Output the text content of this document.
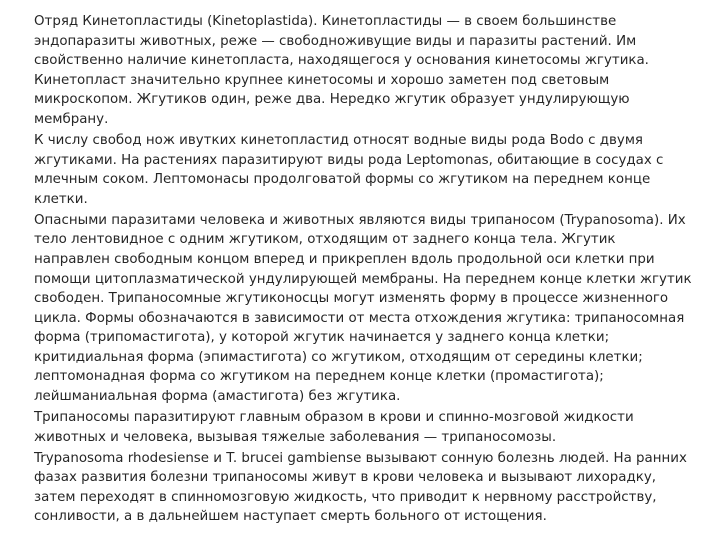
Отряд Кинетопластиды (Kinetoplastida). Кинетопластиды — в своем большинстве эндопаразиты животных, реже — свободноживущие виды и паразиты растений. Им свойственно наличие кинетопласта, находящегося у основания кинетосомы жгутика. Кинетопласт значительно крупнее кинетосомы и хорошо заметен под световым микроскопом. Жгутиков один, реже два. Нередко жгутик образует ундулирующую мембрану.

К числу свобод нож ивутких кинетопластид относят водные виды рода Bodo с двумя жгутиками. На растениях паразитируют виды рода Leptomonas, обитающие в сосудах с млечным соком. Лептомонасы продолговатой формы со жгутиком на переднем конце клетки.

Опасными паразитами человека и животных являются виды трипаносом (Trypanosoma). Их тело лентовидное с одним жгутиком, отходящим от заднего конца тела. Жгутик направлен свободным концом вперед и прикреплен вдоль продольной оси клетки при помощи цитоплазматической ундулирующей мембраны. На переднем конце клетки жгутик свободен. Трипаносомные жгутиконосцы могут изменять форму в процессе жизненного цикла. Формы обозначаются в зависимости от места отхождения жгутика: трипаносомная форма (трипомастигота), у которой жгутик начинается у заднего конца клетки; критидиальная форма (эпимастигота) со жгутиком, отходящим от середины клетки; лептомонадная форма со жгутиком на переднем конце клетки (промастигота); лейшманиальная форма (амастигота) без жгутика.

Трипаносомы паразитируют главным образом в крови и спинно-мозговой жидкости животных и человека, вызывая тяжелые заболевания — трипаносомозы.

Trypanosoma rhodesiense и T. brucei gambiense вызывают сонную болезнь людей. На ранних фазах развития болезни трипаносомы живут в крови человека и вызывают лихорадку, затем переходят в спинномозговую жидкость, что приводит к нервному расстройству, сонливости, а в дальнейшем наступает смерть больного от истощения.
